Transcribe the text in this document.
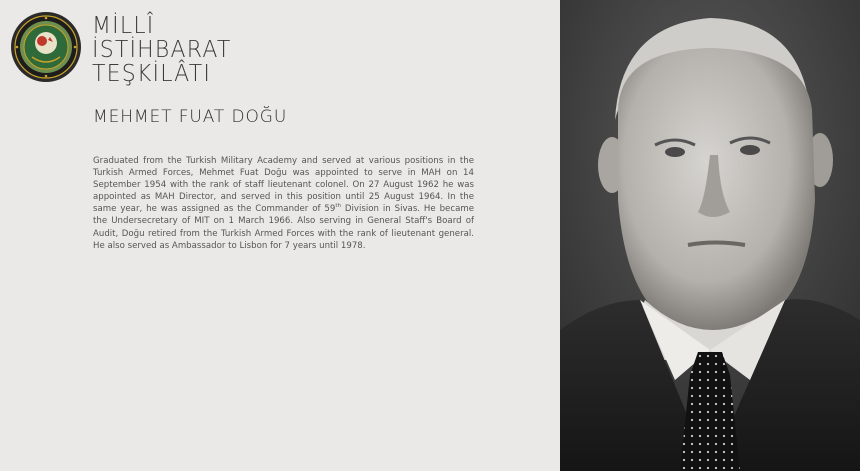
MİLLÎ
İSTİHBARAT
TEŞKİLÂTI
MEHMET FUAT DOĞU
Graduated from the Turkish Military Academy and served at various positions in the Turkish Armed Forces, Mehmet Fuat Doğu was appointed to serve in MAH on 14 September 1954 with the rank of staff lieutenant colonel. On 27 August 1962 he was appointed as MAH Director, and served in this position until 25 August 1964. In the same year, he was assigned as the Commander of 59th Division in Sivas. He became the Undersecretary of MIT on 1 March 1966. Also serving in General Staff's Board of Audit, Doğu retired from the Turkish Armed Forces with the rank of lieutenant general. He also served as Ambassador to Lisbon for 7 years until 1978.
